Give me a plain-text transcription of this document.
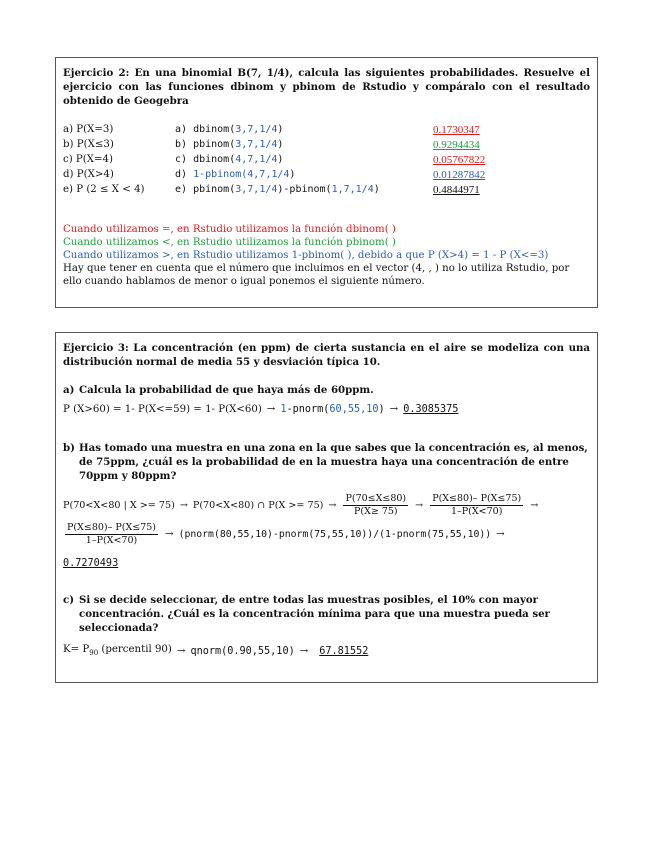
Ejercicio 2: En una binomial B(7, 1/4), calcula las siguientes probabilidades. Resuelve el ejercicio con las funciones dbinom y pbinom de Rstudio y compáralo con el resultado obtenido de Geogebra
a) P(X=3)	a) dbinom(3,7,1/4)	0.1730347
b) P(X≤3)	b) pbinom(3,7,1/4)	0.9294434
c) P(X=4)	c) dbinom(4,7,1/4)	0.05767822
d) P(X>4)	d) 1-pbinom(4,7,1/4)	0.01287842
e) P (2 ≤ X < 4)	e) pbinom(3,7,1/4)-pbinom(1,7,1/4)	0.4844971
Cuando utilizamos =, en Rstudio utilizamos la función dbinom( )
Cuando utilizamos <, en Rstudio utilizamos la función pbinom( )
Cuando utilizamos >, en Rstudio utilizamos 1-pbinom( ), debido a que P (X>4) = 1 - P (X<=3)
Hay que tener en cuenta que el número que incluimos en el vector (4, , ) no lo utiliza Rstudio, por ello cuando hablamos de menor o igual ponemos el siguiente número.
Ejercicio 3: La concentración (en ppm) de cierta sustancia en el aire se modeliza con una distribución normal de media 55 y desviación típica 10.
a) Calcula la probabilidad de que haya más de 60ppm.
P (X>60) = 1- P(X<=59) = 1- P(X<60) → 1-pnorm(60,55,10) → 0.3085375
b) Has tomado una muestra en una zona en la que sabes que la concentración es, al menos, de 75ppm, ¿cuál es la probabilidad de en la muestra haya una concentración de entre 70ppm y 80ppm?
P(70<X<80 | X >= 75) → P(70<X<80) ∩ $P(X >= 75) \to \frac{P(70\le X\le 80)}{P(X\ge 75)} \to \frac{P(X\le 80)- P(X\le 75)}{1-P(X<70)}$ →
$\frac{P(X\le 80)- P(X\le 75)}{1-P(X<70)}$ → (pnorm(80,55,10)-pnorm(75,55,10))/(1-pnorm(75,55,10)) →
0.7270493
c) Si se decide seleccionar, de entre todas las muestras posibles, el 10% con mayor concentración. ¿Cuál es la concentración mínima para que una muestra pueda ser seleccionada?
$K= P_{90}$ (percentil 90) → qnorm(0.90,55,10) → 67.81552
